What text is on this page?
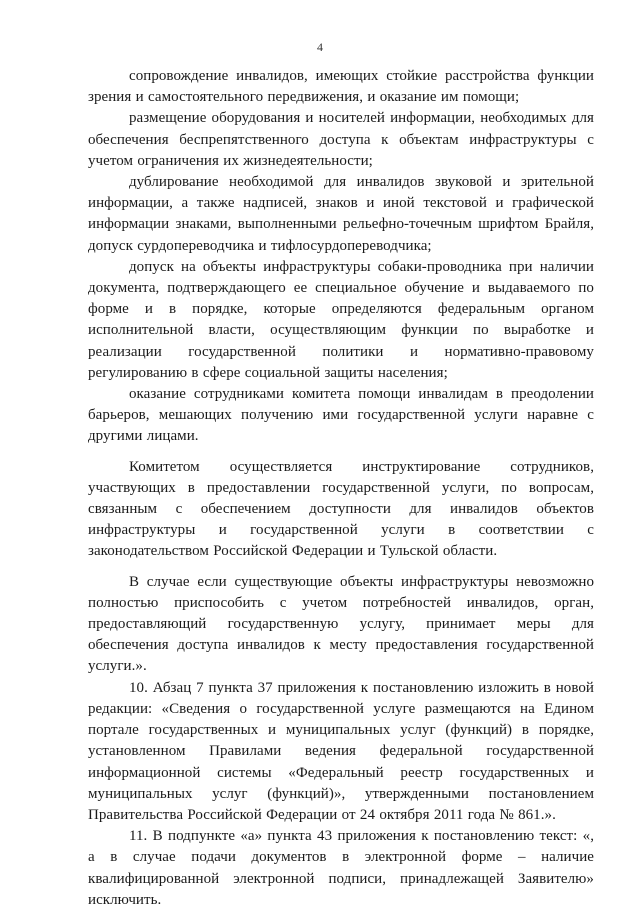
4

сопровождение инвалидов, имеющих стойкие расстройства функции зрения и самостоятельного передвижения, и оказание им помощи;

размещение оборудования и носителей информации, необходимых для обеспечения беспрепятственного доступа к объектам инфраструктуры с учетом ограничения их жизнедеятельности;

дублирование необходимой для инвалидов звуковой и зрительной информации, а также надписей, знаков и иной текстовой и графической информации знаками, выполненными рельефно-точечным шрифтом Брайля, допуск сурдопереводчика и тифлосурдопереводчика;

допуск на объекты инфраструктуры собаки-проводника при наличии документа, подтверждающего ее специальное обучение и выдаваемого по форме и в порядке, которые определяются федеральным органом исполнительной власти, осуществляющим функции по выработке и реализации государственной политики и нормативно-правовому регулированию в сфере социальной защиты населения;

оказание сотрудниками комитета помощи инвалидам в преодолении барьеров, мешающих получению ими государственной услуги наравне с другими лицами.

Комитетом осуществляется инструктирование сотрудников, участвующих в предоставлении государственной услуги, по вопросам, связанным с обеспечением доступности для инвалидов объектов инфраструктуры и государственной услуги в соответствии с законодательством Российской Федерации и Тульской области.

В случае если существующие объекты инфраструктуры невозможно полностью приспособить с учетом потребностей инвалидов, орган, предоставляющий государственную услугу, принимает меры для обеспечения доступа инвалидов к месту предоставления государственной услуги.».

10. Абзац 7 пункта 37 приложения к постановлению изложить в новой редакции: «Сведения о государственной услуге размещаются на Едином портале государственных и муниципальных услуг (функций) в порядке, установленном Правилами ведения федеральной государственной информационной системы «Федеральный реестр государственных и муниципальных услуг (функций)», утвержденными постановлением Правительства Российской Федерации от 24 октября 2011 года № 861.».

11. В подпункте «а» пункта 43 приложения к постановлению текст: «, а в случае подачи документов в электронной форме – наличие квалифицированной электронной подписи, принадлежащей Заявителю» исключить.
